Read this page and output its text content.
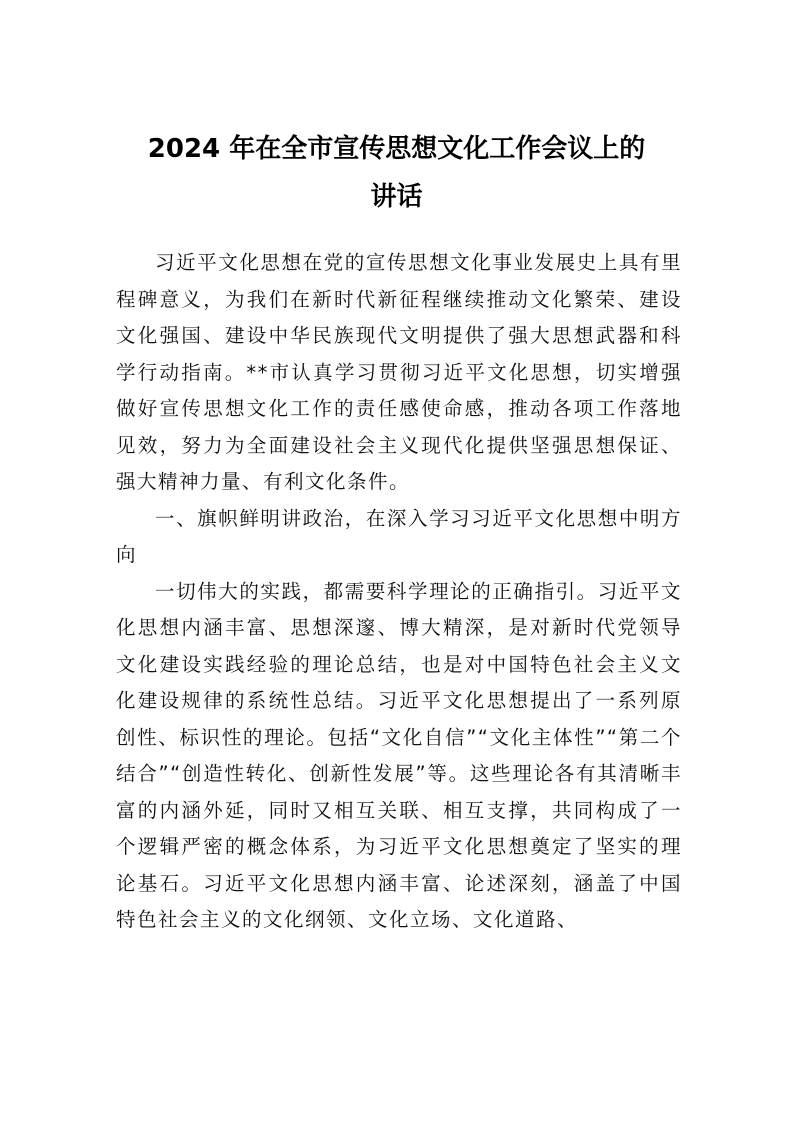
2024 年在全市宣传思想文化工作会议上的
讲话

习近平文化思想在党的宣传思想文化事业发展史上具有里程碑意义，为我们在新时代新征程继续推动文化繁荣、建设文化强国、建设中华民族现代文明提供了强大思想武器和科学行动指南。**市认真学习贯彻习近平文化思想，切实增强做好宣传思想文化工作的责任感使命感，推动各项工作落地见效，努力为全面建设社会主义现代化提供坚强思想保证、强大精神力量、有利文化条件。

一、旗帜鲜明讲政治，在深入学习习近平文化思想中明方向

一切伟大的实践，都需要科学理论的正确指引。习近平文化思想内涵丰富、思想深邃、博大精深，是对新时代党领导文化建设实践经验的理论总结，也是对中国特色社会主义文化建设规律的系统性总结。习近平文化思想提出了一系列原创性、标识性的理论。包括“文化自信”“文化主体性”“第二个结合”“创造性转化、创新性发展”等。这些理论各有其清晰丰富的内涵外延，同时又相互关联、相互支撑，共同构成了一个逻辑严密的概念体系，为习近平文化思想奠定了坚实的理论基石。习近平文化思想内涵丰富、论述深刻，涵盖了中国特色社会主义的文化纲领、文化立场、文化道路、
